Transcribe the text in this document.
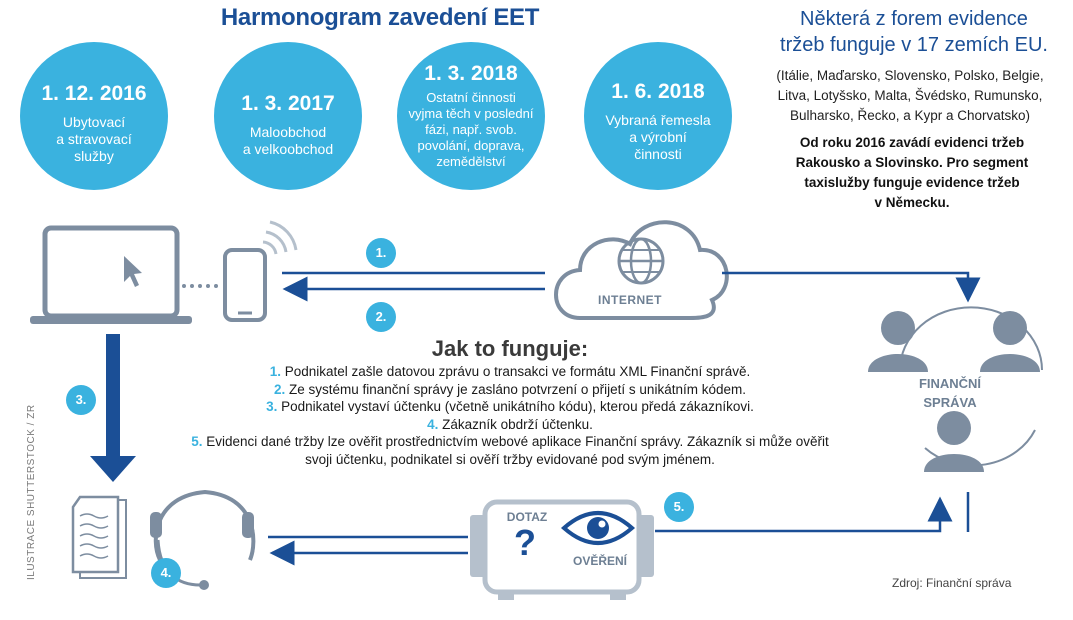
Harmonogram zavedení EET
1. 12. 2016
Ubytovací
a stravovací
služby
1. 3. 2017
Maloobchod
a velkoobchod
1. 3. 2018
Ostatní činnosti
vyjma těch v poslední
fázi, např. svob.
povolání, doprava,
zemědělství
1. 6. 2018
Vybraná řemesla
a výrobní
činnosti
Některá z forem evidence
tržeb funguje v 17 zemích EU.
(Itálie, Maďarsko, Slovensko, Polsko, Belgie,
Litva, Lotyšsko, Malta, Švédsko, Rumunsko,
Bulharsko, Řecko, a Kypr a Chorvatsko)
Od roku 2016 zavádí evidenci tržeb
Rakousko a Slovinsko. Pro segment
taxislužby funguje evidence tržeb
v Německu.
INTERNET
FINANČNÍ
SPRÁVA
DOTAZ
?	OVĚŘENÍ
1.
2.
3.
4.
5.
Jak to funguje:
1. Podnikatel zašle datovou zprávu o transakci ve formátu XML Finanční správě.
2. Ze systému finanční správy je zasláno potvrzení o přijetí s unikátním kódem.
3. Podnikatel vystaví účtenku (včetně unikátního kódu), kterou předá zákazníkovi.
4. Zákazník obdrží účtenku.
5. Evidenci dané tržby lze ověřit prostřednictvím webové aplikace Finanční správy. Zákazník si může ověřit
svoji účtenku, podnikatel si ověří tržby evidované pod svým jménem.
ILUSTRACE SHUTTERSTOCK / ZR
Zdroj: Finanční správa
